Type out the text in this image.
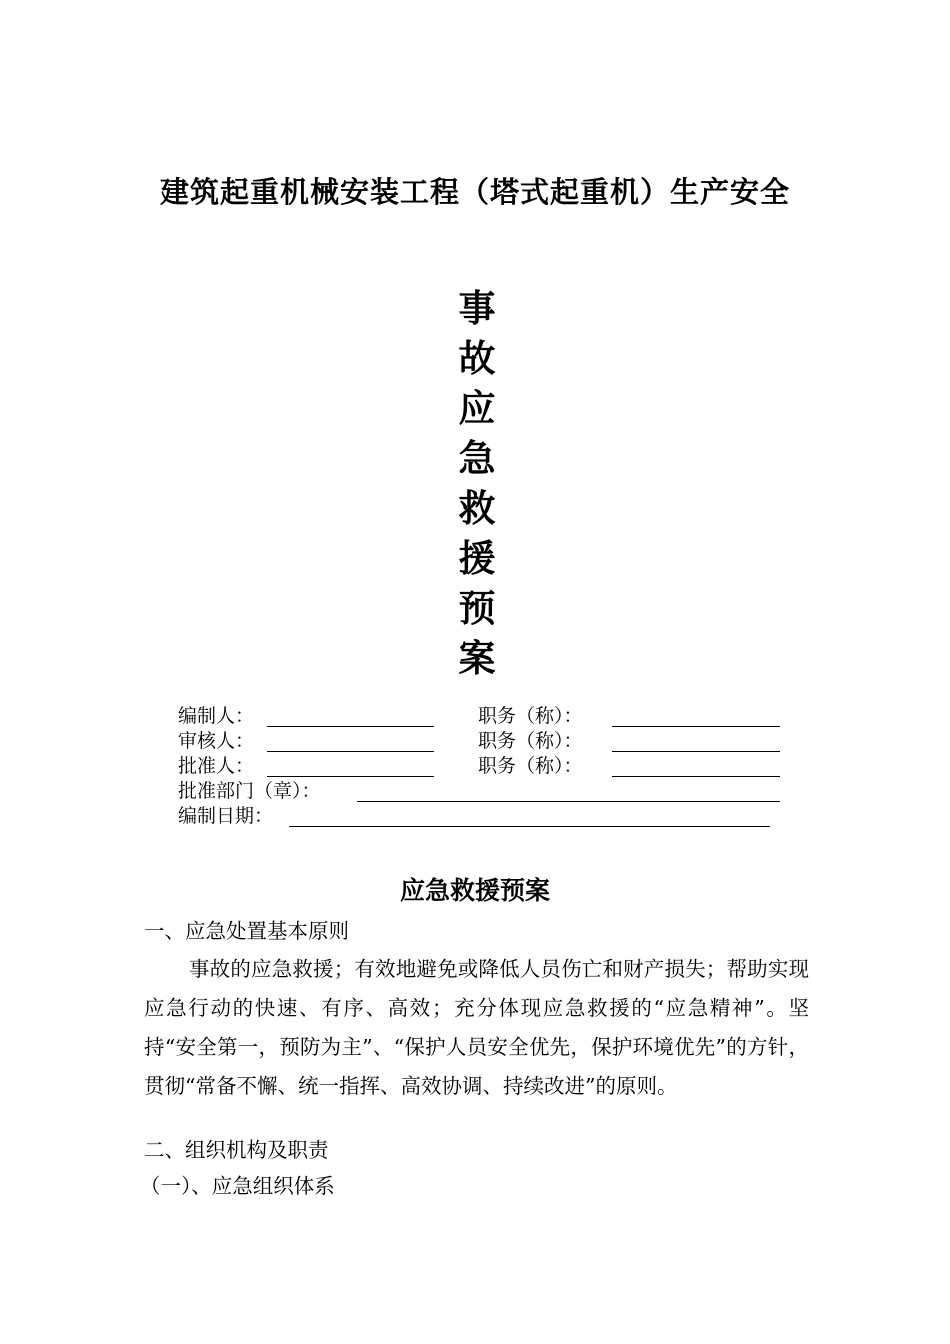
建筑起重机械安装工程（塔式起重机）生产安全
事
故
应
急
救
援
预
案
编制人：	职务（称）：
审核人：	职务（称）：
批准人：	职务（称）：
批准部门（章）：
编制日期：
应急救援预案
一、应急处置基本原则
事故的应急救援；有效地避免或降低人员伤亡和财产损失；帮助实现应急行动的快速、有序、高效；充分体现应急救援的“应急精神”。坚持“安全第一，预防为主”、“保护人员安全优先，保护环境优先”的方针，贯彻“常备不懈、统一指挥、高效协调、持续改进”的原则。
二、组织机构及职责
（一）、应急组织体系
